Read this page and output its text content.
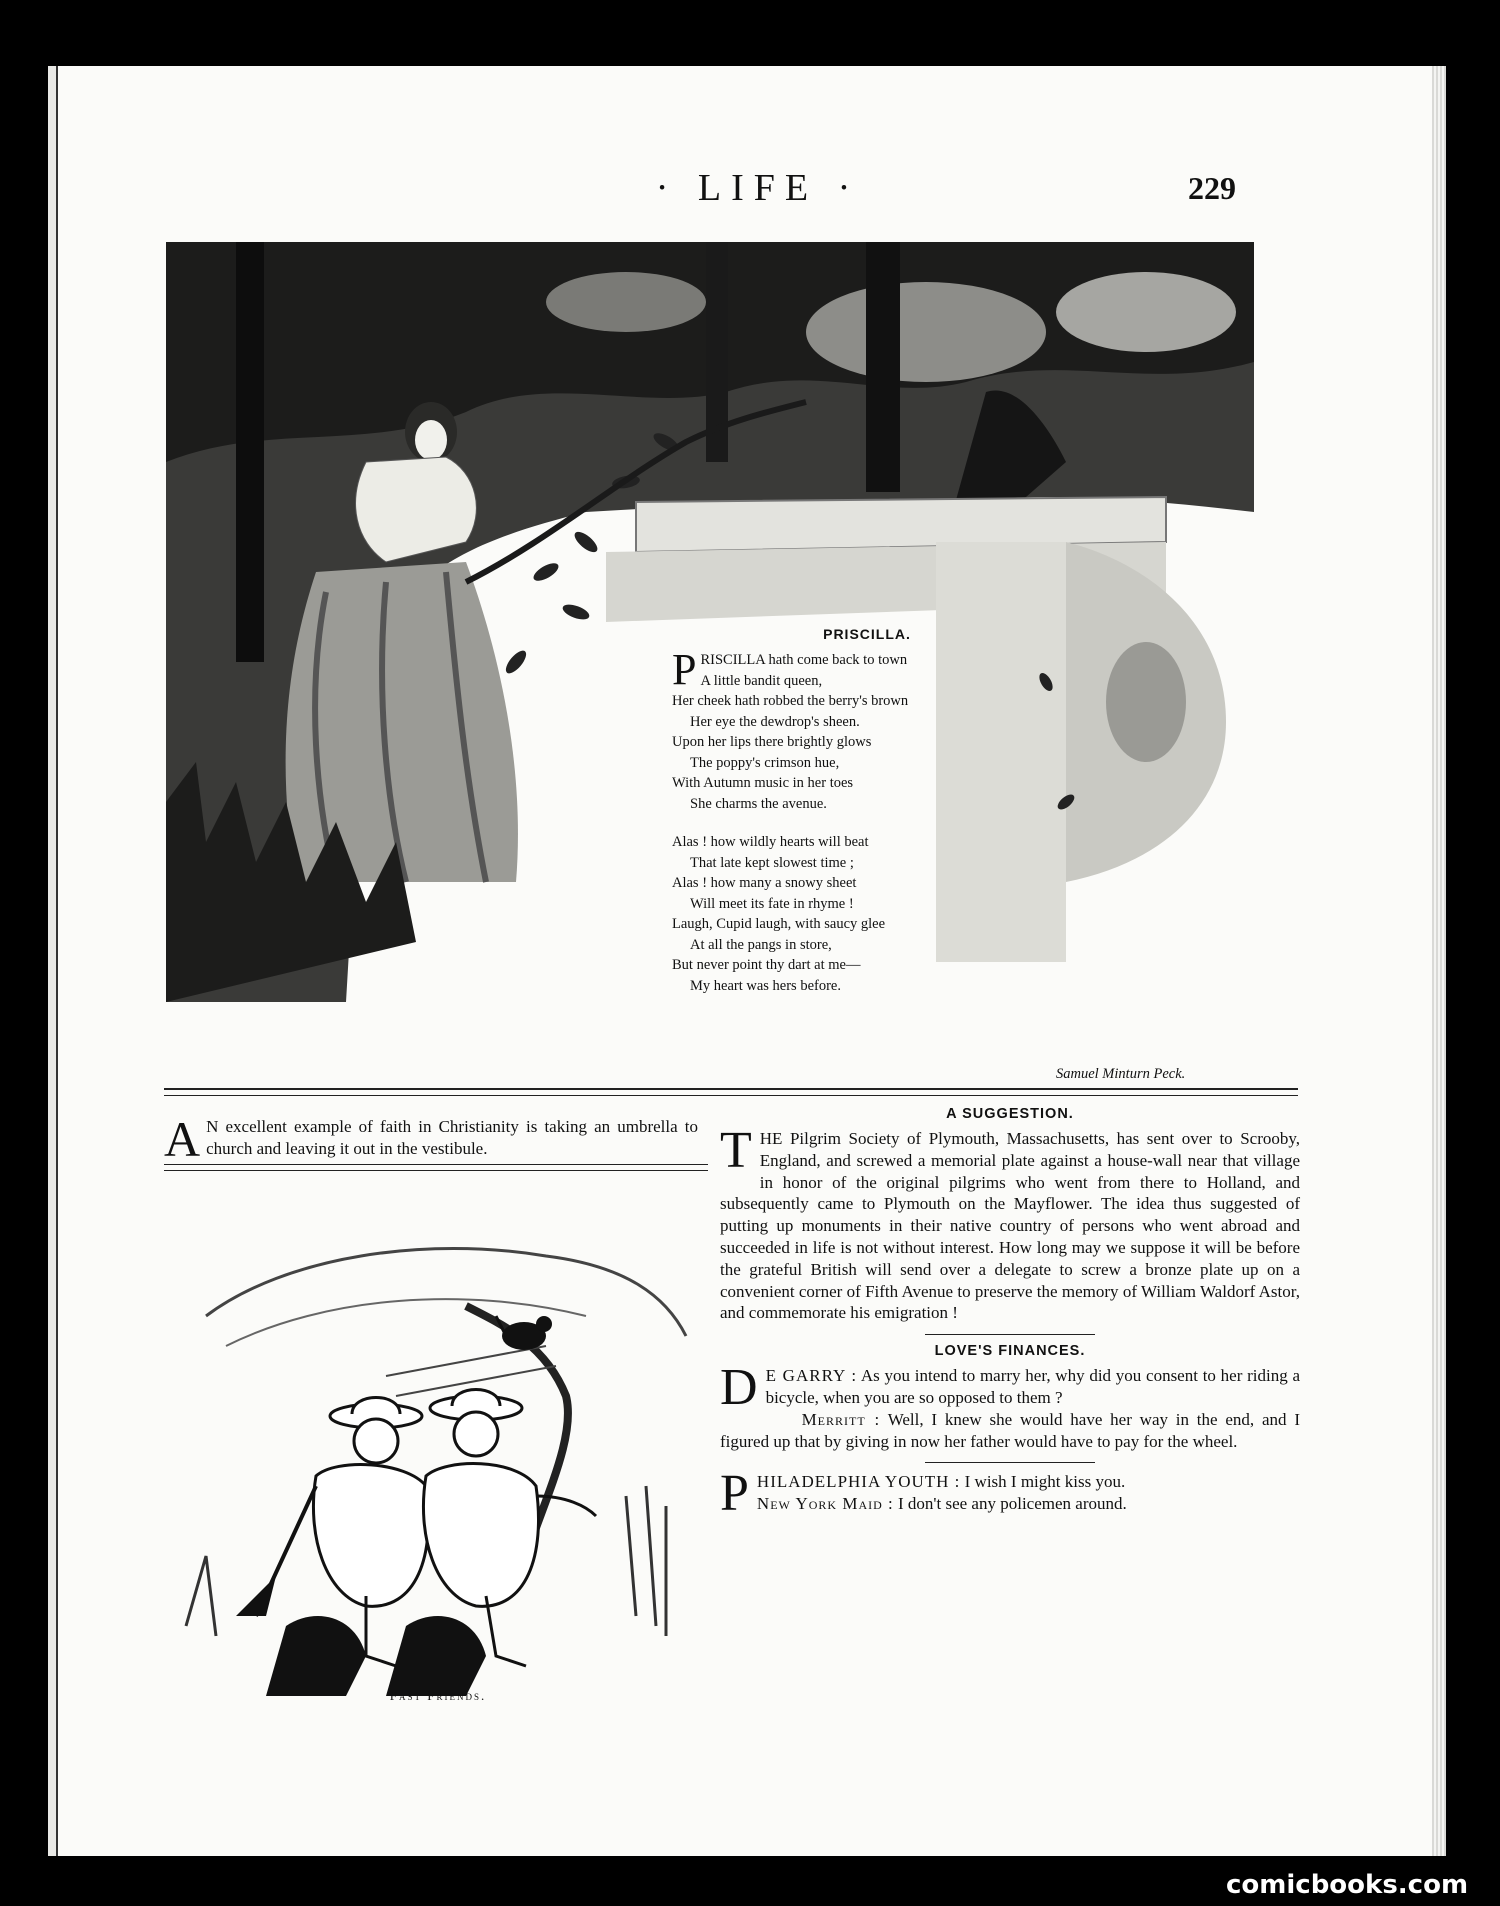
· LIFE ·	229
PRISCILLA.
P RISCILLA hath come back to town
A little bandit queen,
Her cheek hath robbed the berry's brown
Her eye the dewdrop's sheen.
Upon her lips there brightly glows
The poppy's crimson hue,
With Autumn music in her toes
She charms the avenue.
Alas ! how wildly hearts will beat
That late kept slowest time ;
Alas ! how many a snowy sheet
Will meet its fate in rhyme !
Laugh, Cupid laugh, with saucy glee
At all the pangs in store,
But never point thy dart at me—
My heart was hers before.
Samuel Minturn Peck.
A N excellent example of faith in Christianity is taking an umbrella to church and leaving it out in the vestibule.
Fast Friends.
A SUGGESTION.
THE Pilgrim Society of Plymouth, Massachusetts, has sent over to Scrooby, England, and screwed a memorial plate against a house-wall near that village in honor of the original pilgrims who went from there to Holland, and subsequently came to Plymouth on the Mayflower. The idea thus suggested of putting up monuments in their native country of persons who went abroad and succeeded in life is not without interest. How long may we suppose it will be before the grateful British will send over a delegate to screw a bronze plate up on a convenient corner of Fifth Avenue to preserve the memory of William Waldorf Astor, and commemorate his emigration !
LOVE'S FINANCES.
D E GARRY : As you intend to marry her, why did you consent to her riding a bicycle, when you are so opposed to them ?
Merritt : Well, I knew she would have her way in the end, and I figured up that by giving in now her father would have to pay for the wheel.
PHILADELPHIA YOUTH : I wish I might kiss you.
New York Maid : I don't see any policemen around.
comicbooks.com
